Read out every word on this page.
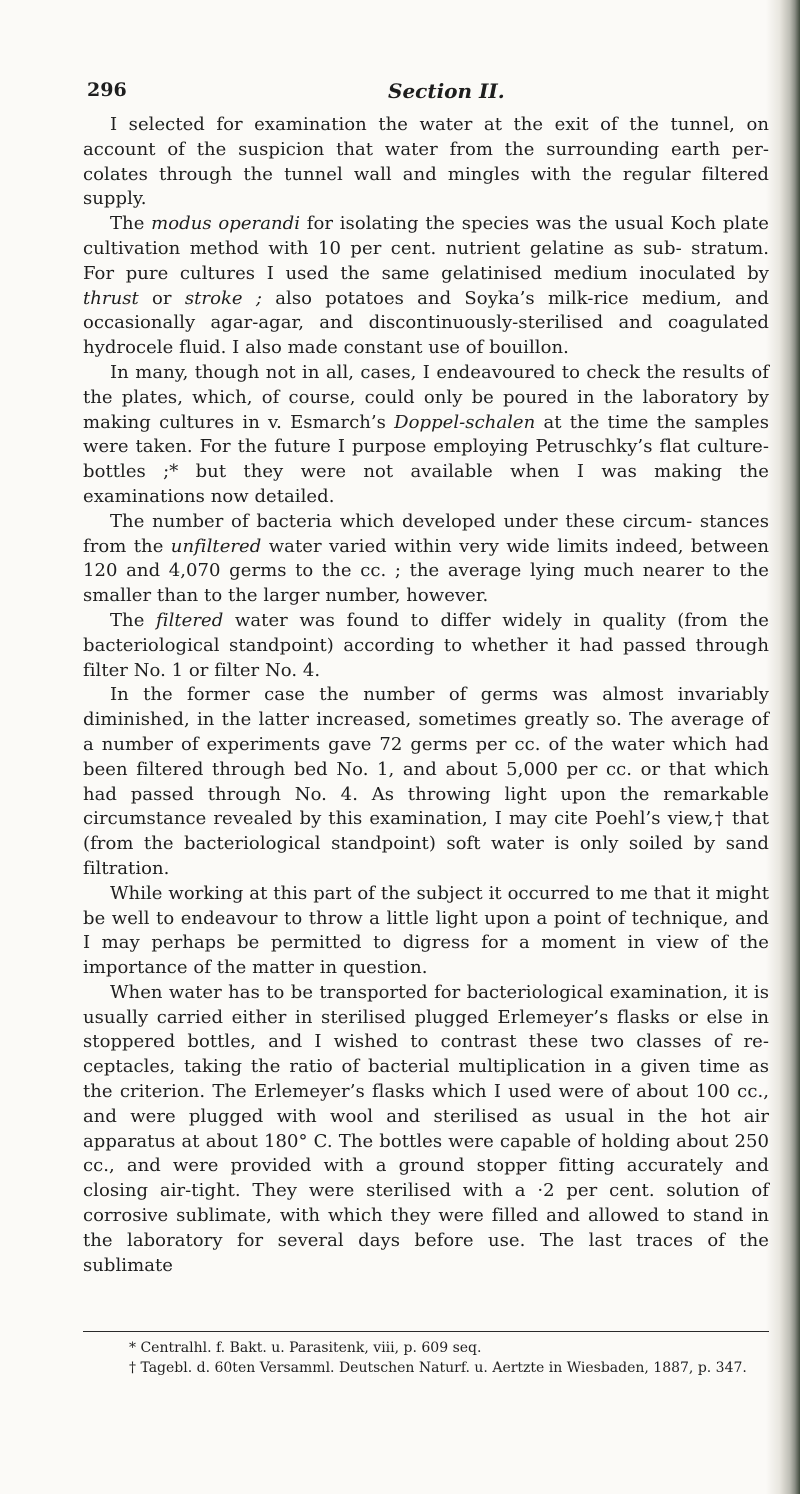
296	Section II.

I selected for examination the water at the exit of the tunnel, on account of the suspicion that water from the surrounding earth per- colates through the tunnel wall and mingles with the regular filtered supply.

The modus operandi for isolating the species was the usual Koch plate cultivation method with 10 per cent. nutrient gelatine as sub- stratum. For pure cultures I used the same gelatinised medium inoculated by thrust or stroke ; also potatoes and Soyka’s milk-rice medium, and occasionally agar-agar, and discontinuously-sterilised and coagulated hydrocele fluid. I also made constant use of bouillon.

In many, though not in all, cases, I endeavoured to check the results of the plates, which, of course, could only be poured in the laboratory by making cultures in v. Esmarch’s Doppel-schalen at the time the samples were taken. For the future I purpose employing Petruschky’s flat culture-bottles ;* but they were not available when I was making the examinations now detailed.

The number of bacteria which developed under these circum- stances from the unfiltered water varied within very wide limits indeed, between 120 and 4,070 germs to the cc. ; the average lying much nearer to the smaller than to the larger number, however.

The filtered water was found to differ widely in quality (from the bacteriological standpoint) according to whether it had passed through filter No. 1 or filter No. 4.

In the former case the number of germs was almost invariably diminished, in the latter increased, sometimes greatly so. The average of a number of experiments gave 72 germs per cc. of the water which had been filtered through bed No. 1, and about 5,000 per cc. or that which had passed through No. 4. As throwing light upon the remarkable circumstance revealed by this examination, I may cite Poehl’s view,† that (from the bacteriological standpoint) soft water is only soiled by sand filtration.

While working at this part of the subject it occurred to me that it might be well to endeavour to throw a little light upon a point of technique, and I may perhaps be permitted to digress for a moment in view of the importance of the matter in question.

When water has to be transported for bacteriological examination, it is usually carried either in sterilised plugged Erlemeyer’s flasks or else in stoppered bottles, and I wished to contrast these two classes of re- ceptacles, taking the ratio of bacterial multiplication in a given time as the criterion. The Erlemeyer’s flasks which I used were of about 100 cc., and were plugged with wool and sterilised as usual in the hot air apparatus at about 180° C. The bottles were capable of holding about 250 cc., and were provided with a ground stopper fitting accurately and closing air-tight. They were sterilised with a ·2 per cent. solution of corrosive sublimate, with which they were filled and allowed to stand in the laboratory for several days before use. The last traces of the sublimate

* Centralhl. f. Bakt. u. Parasitenk, viii, p. 609 seq.

† Tagebl. d. 60ten Versamml. Deutschen Naturf. u. Aertzte in Wiesbaden, 1887, p. 347.
